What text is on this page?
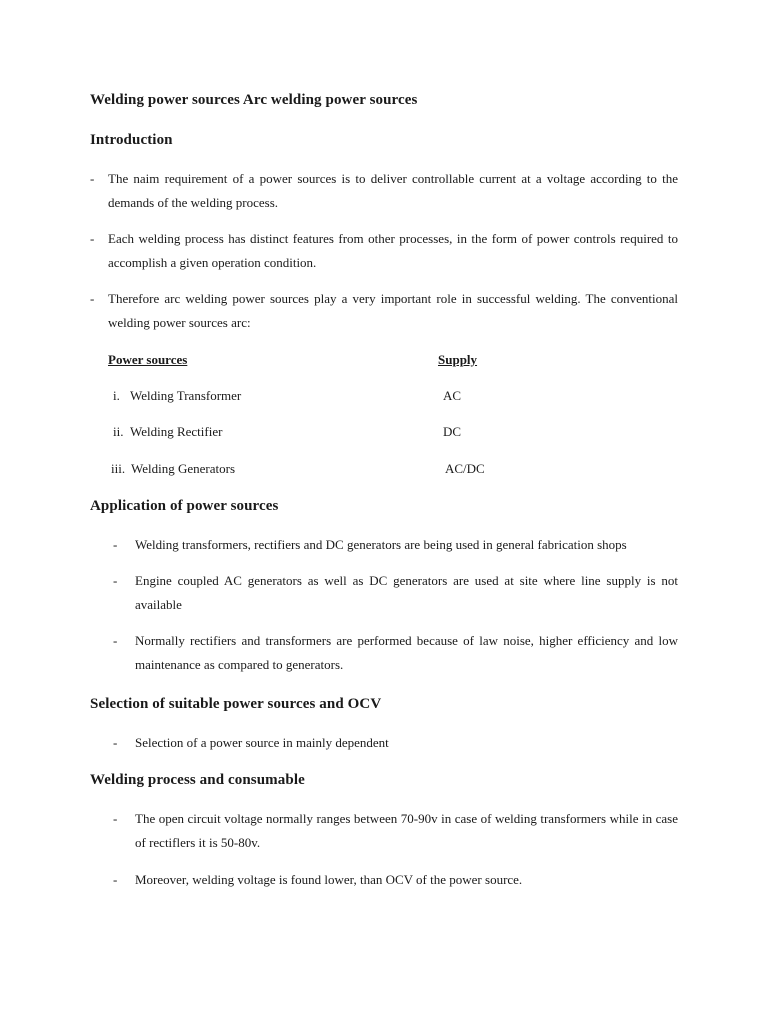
Welding power sources Arc welding power sources
Introduction
- The naim requirement of a power sources is to deliver controllable current at a voltage according to the demands of the welding process.
- Each welding process has distinct features from other processes, in the form of power controls required to accomplish a given operation condition.
- Therefore arc welding power sources play a very important role in successful welding. The conventional welding power sources arc:
Power sources	Supply
i. Welding Transformer	AC
ii. Welding Rectifier	DC
iii. Welding Generators	AC/DC
Application of power sources
- Welding transformers, rectifiers and DC generators are being used in general fabrication shops
- Engine coupled AC generators as well as DC generators are used at site where line supply is not available
- Normally rectifiers and transformers are performed because of law noise, higher efficiency and low maintenance as compared to generators.
Selection of suitable power sources and OCV
- Selection of a power source in mainly dependent
Welding process and consumable
- The open circuit voltage normally ranges between 70-90v in case of welding transformers while in case of rectiflers it is 50-80v.
- Moreover, welding voltage is found lower, than OCV of the power source.
